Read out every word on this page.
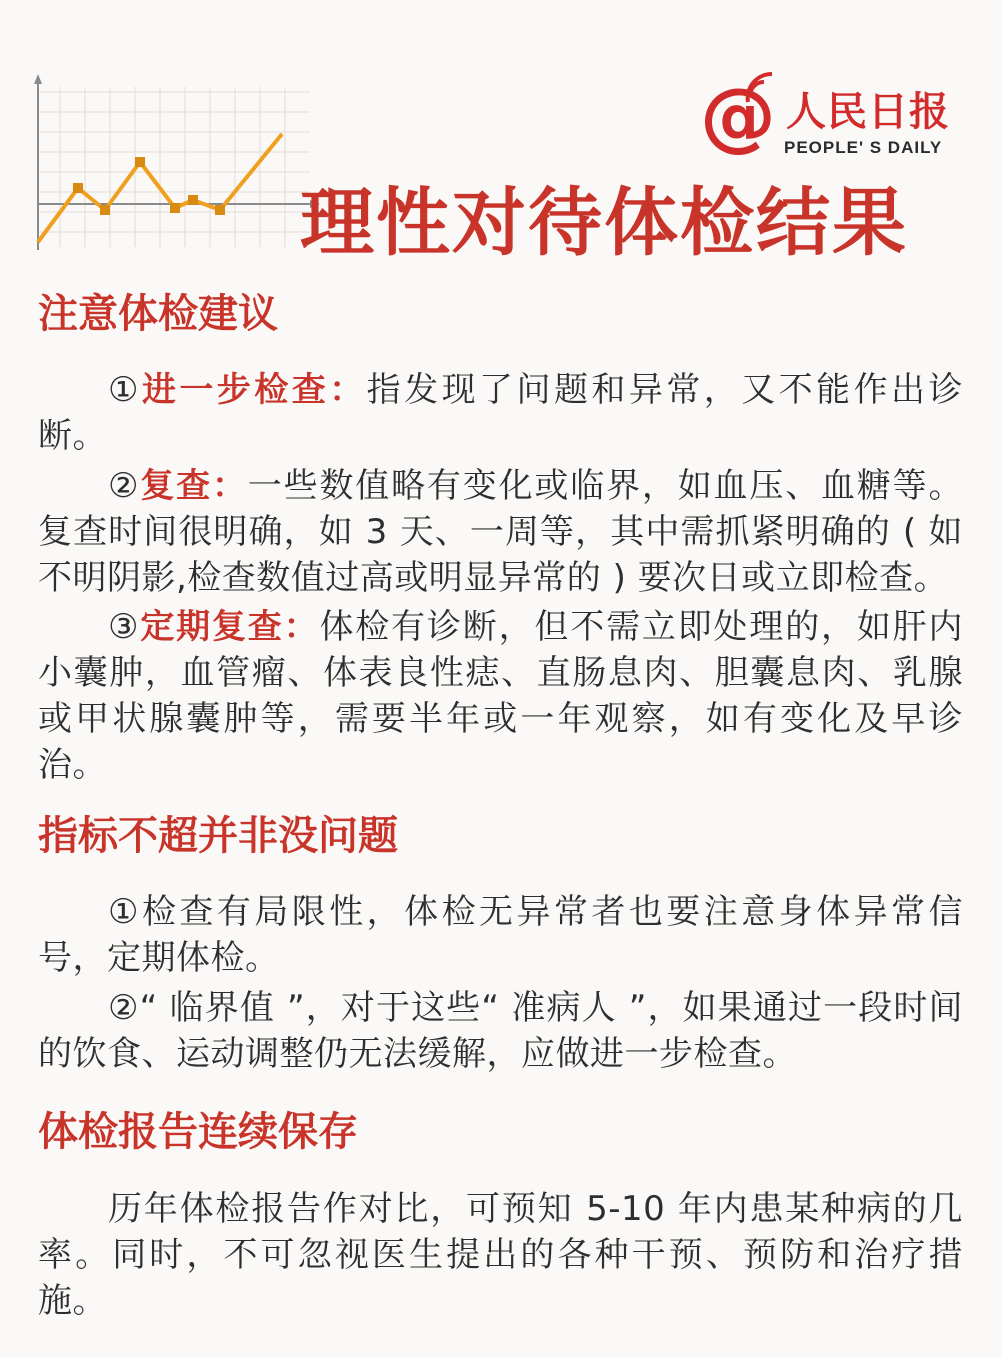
@ 人民日报
PEOPLE' S DAILY
理性对待体检结果
注意体检建议
①进一步检查：指发现了问题和异常，又不能作出诊断。
②复查：一些数值略有变化或临界，如血压、血糖等。复查时间很明确，如 3 天、一周等，其中需抓紧明确的 ( 如不明阴影,检查数值过高或明显异常的 ) 要次日或立即检查。
③定期复查：体检有诊断，但不需立即处理的，如肝内小囊肿，血管瘤、体表良性痣、直肠息肉、胆囊息肉、乳腺或甲状腺囊肿等，需要半年或一年观察，如有变化及早诊治。
指标不超并非没问题
①检查有局限性，体检无异常者也要注意身体异常信号，定期体检。
②“ 临界值 ”，对于这些“ 准病人 ”，如果通过一段时间的饮食、运动调整仍无法缓解，应做进一步检查。
体检报告连续保存
历年体检报告作对比，可预知 5-10 年内患某种病的几率。同时，不可忽视医生提出的各种干预、预防和治疗措施。
